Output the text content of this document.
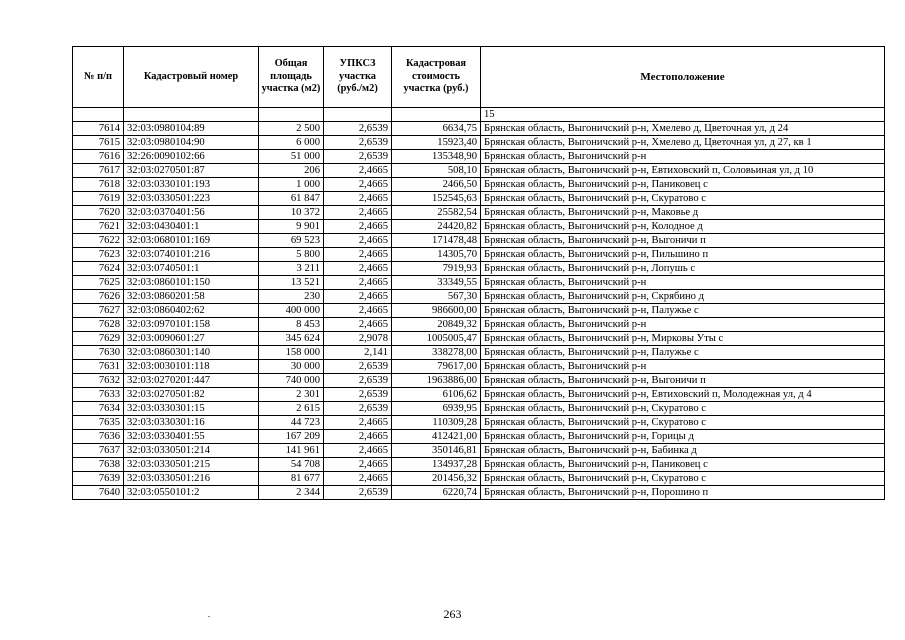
№ п/п	Кадастровый номер	Общая площадь участка (м2)	УПКСЗ участка (руб./м2)	Кадастровая стоимость участка (руб.)	Местоположение
					15
7614	32:03:0980104:89	2 500	2,6539	6634,75	Брянская область, Выгоничский р-н, Хмелево д, Цветочная ул, д 24
7615	32:03:0980104:90	6 000	2,6539	15923,40	Брянская область, Выгоничский р-н, Хмелево д, Цветочная ул, д 27, кв 1
7616	32:26:0090102:66	51 000	2,6539	135348,90	Брянская область, Выгоничский р-н
7617	32:03:0270501:87	206	2,4665	508,10	Брянская область, Выгоничский р-н, Евтиховский п, Соловьиная ул, д 10
7618	32:03:0330101:193	1 000	2,4665	2466,50	Брянская область, Выгоничский р-н, Паниковец с
7619	32:03:0330501:223	61 847	2,4665	152545,63	Брянская область, Выгоничский р-н, Скуратово с
7620	32:03:0370401:56	10 372	2,4665	25582,54	Брянская область, Выгоничский р-н, Маковье д
7621	32:03:0430401:1	9 901	2,4665	24420,82	Брянская область, Выгоничский р-н, Колодное д
7622	32:03:0680101:169	69 523	2,4665	171478,48	Брянская область, Выгоничский р-н, Выгоничи п
7623	32:03:0740101:216	5 800	2,4665	14305,70	Брянская область, Выгоничский р-н, Пильшино п
7624	32:03:0740501:1	3 211	2,4665	7919,93	Брянская область, Выгоничский р-н, Лопушь с
7625	32:03:0860101:150	13 521	2,4665	33349,55	Брянская область, Выгоничский р-н
7626	32:03:0860201:58	230	2,4665	567,30	Брянская область, Выгоничский р-н, Скрябино д
7627	32:03:0860402:62	400 000	2,4665	986600,00	Брянская область, Выгоничский р-н, Палужье с
7628	32:03:0970101:158	8 453	2,4665	20849,32	Брянская область, Выгоничский р-н
7629	32:03:0090601:27	345 624	2,9078	1005005,47	Брянская область, Выгоничский р-н, Мирковы Уты с
7630	32:03:0860301:140	158 000	2,141	338278,00	Брянская область, Выгоничский р-н, Палужье с
7631	32:03:0030101:118	30 000	2,6539	79617,00	Брянская область, Выгоничский р-н
7632	32:03:0270201:447	740 000	2,6539	1963886,00	Брянская область, Выгоничский р-н, Выгоничи п
7633	32:03:0270501:82	2 301	2,6539	6106,62	Брянская область, Выгоничский р-н, Евтиховский п, Молодежная ул, д 4
7634	32:03:0330301:15	2 615	2,6539	6939,95	Брянская область, Выгоничский р-н, Скуратово с
7635	32:03:0330301:16	44 723	2,4665	110309,28	Брянская область, Выгоничский р-н, Скуратово с
7636	32:03:0330401:55	167 209	2,4665	412421,00	Брянская область, Выгоничский р-н, Горицы д
7637	32:03:0330501:214	141 961	2,4665	350146,81	Брянская область, Выгоничский р-н, Бабинка д
7638	32:03:0330501:215	54 708	2,4665	134937,28	Брянская область, Выгоничский р-н, Паниковец с
7639	32:03:0330501:216	81 677	2,4665	201456,32	Брянская область, Выгоничский р-н, Скуратово с
7640	32:03:0550101:2	2 344	2,6539	6220,74	Брянская область, Выгоничский р-н, Порошино п
263
